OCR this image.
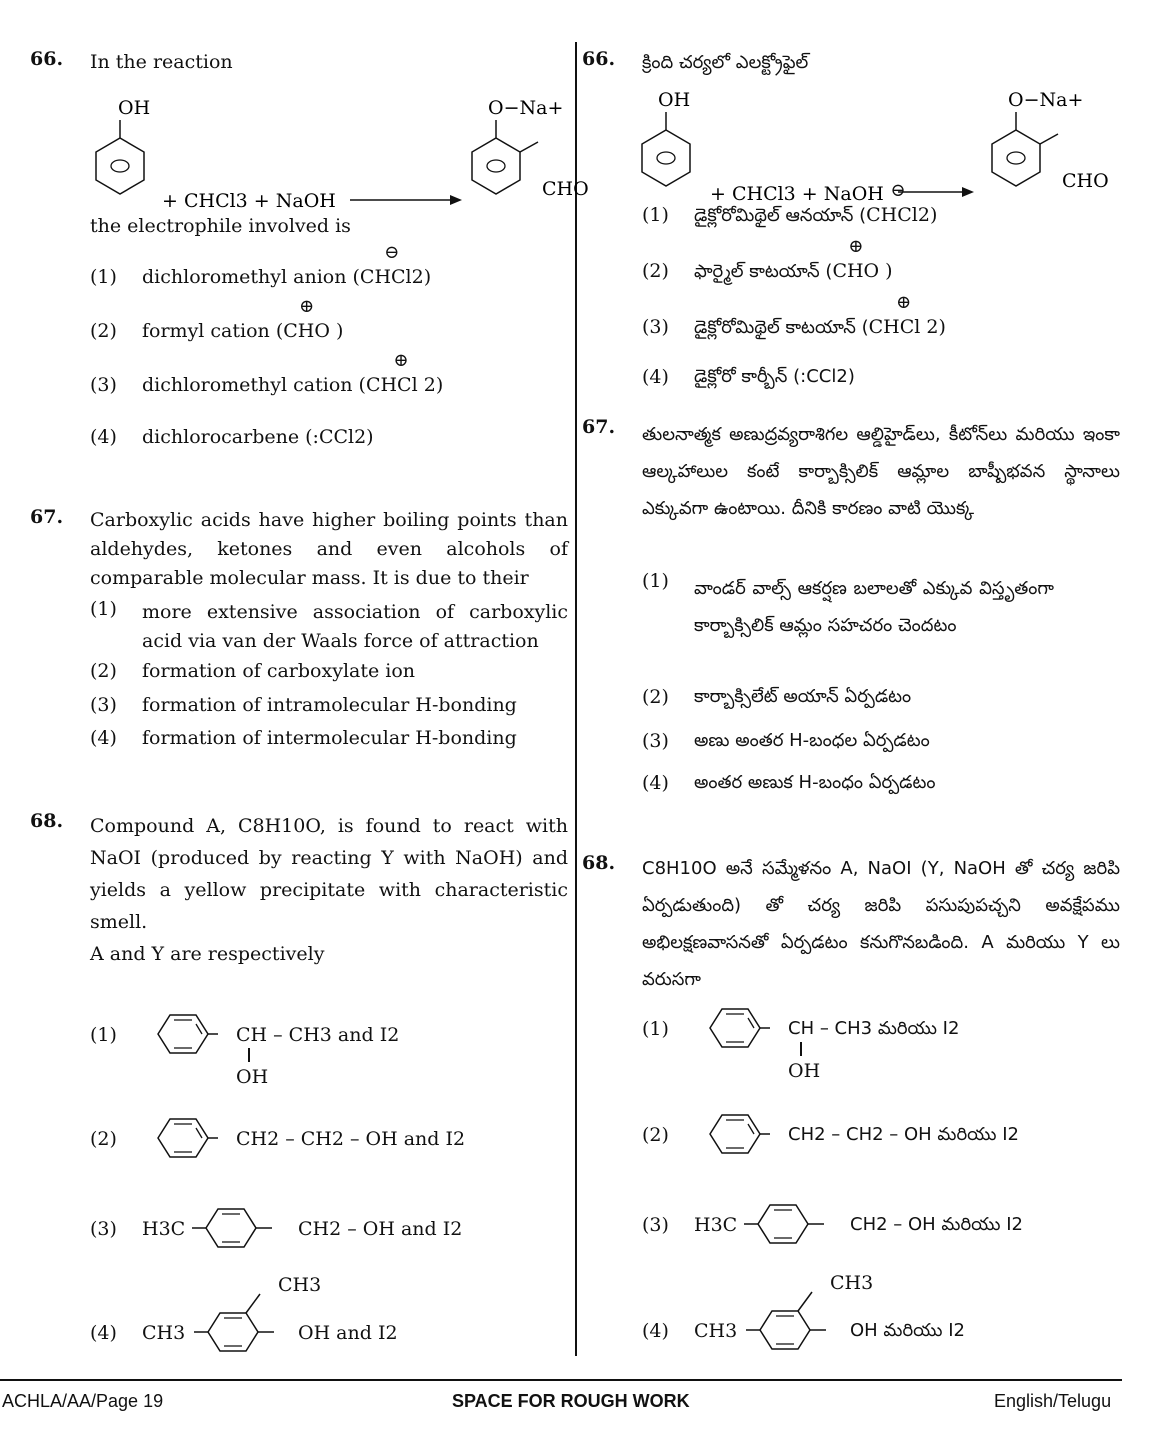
66. In the reaction
OH
+ CHCl3 + NaOH
O−Na+
CHO
the electrophile involved is
(1) dichloromethyl anion (
⊖
CHCl2)
(2) formyl cation (
⊕
CHO )
(3) dichloromethyl cation (
⊕
CHCl 2)
(4) dichlorocarbene (:CCl2)
67. Carboxylic acids have higher boiling points than aldehydes, ketones and even alcohols of comparable molecular mass. It is due to their
(1) more extensive association of carboxylic acid via van der Waals force of attraction
(2) formation of carboxylate ion
(3) formation of intramolecular H-bonding
(4) formation of intermolecular H-bonding
68. Compound A, C8H10O, is found to react with NaOI (produced by reacting Y with NaOH) and yields a yellow precipitate with characteristic smell.
A and Y are respectively
(1)	CH – CH3 and I2
OH
(2)	CH2 – CH2 – OH and I2
(3) H3C	CH2 – OH and I2
(4) CH3
CH3
OH and I2
66. క్రింది చర్యలో ఎలక్ట్రోఫైల్
OH
+ CHCl3 + NaOH
O−Na+
CHO
(1) డైక్లోరోమిథైల్ ఆనయాన్ (
⊖
CHCl2)
(2) ఫార్మైల్ కాటయాన్ (
⊕
CHO )
(3) డైక్లోరోమిథైల్ కాటయాన్ (
⊕
CHCl 2)
(4) డైక్లోరో కార్బీన్ (:CCl2)
67. తులనాత్మక అణుద్రవ్యరాశిగల ఆల్డిహైడ్‌లు, కీటోన్‌లు మరియు ఇంకా ఆల్కహాలుల కంటే కార్బాక్సిలిక్ ఆమ్లాల బాష్పీభవన స్థానాలు ఎక్కువగా ఉంటాయి. దీనికి కారణం వాటి యొక్క
(1) వాండర్ వాల్స్ ఆకర్షణ బలాలతో ఎక్కువ విస్తృతంగా కార్బాక్సిలిక్ ఆమ్లం సహచరం చెందటం
(2) కార్బాక్సిలేట్ అయాన్ ఏర్పడటం
(3) అణు అంతర H-బంధల ఏర్పడటం
(4) అంతర అణుక H-బంధం ఏర్పడటం
68. C8H10O అనే సమ్మేళనం A, NaOI (Y, NaOH తో చర్య జరిపి ఏర్పడుతుంది) తో చర్య జరిపి పసుపుపచ్చని అవక్షేపము అభిలక్షణవాసనతో ఏర్పడటం కనుగొనబడింది. A మరియు Y లు వరుసగా
(1)	CH – CH3 మరియు I2
OH
(2)	CH2 – CH2 – OH మరియు I2
(3) H3C	CH2 – OH మరియు I2
(4) CH3
CH3
OH మరియు I2
ACHLA/AA/Page 19	SPACE FOR ROUGH WORK	English/Telugu
